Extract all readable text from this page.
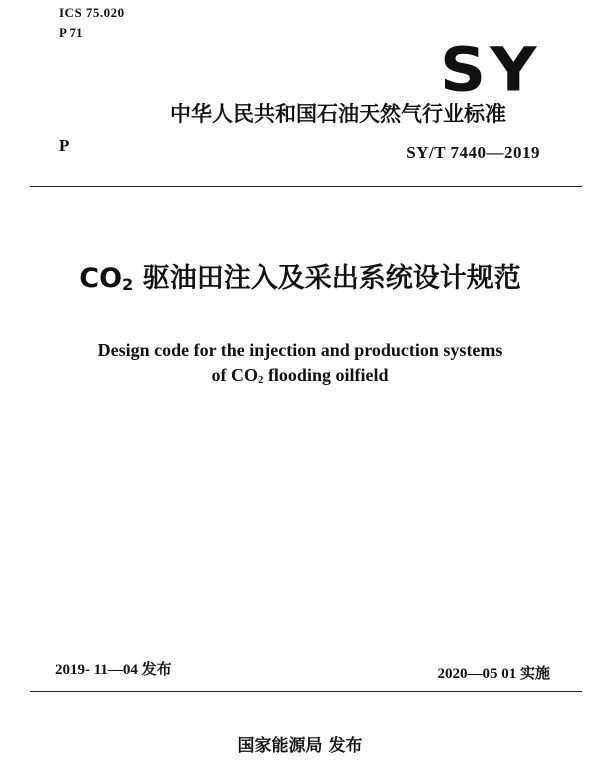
ICS 75.020
P 71
SY
中华人民共和国石油天然气行业标准
P	SY/T 7440—2019
$CO_2$ 驱油田注入及采出系统设计规范
Design code for the injection and production systems
of $CO_2$ flooding oilfield
2019- 11—04 发布	2020—05 01 实施
国家能源局 发布
